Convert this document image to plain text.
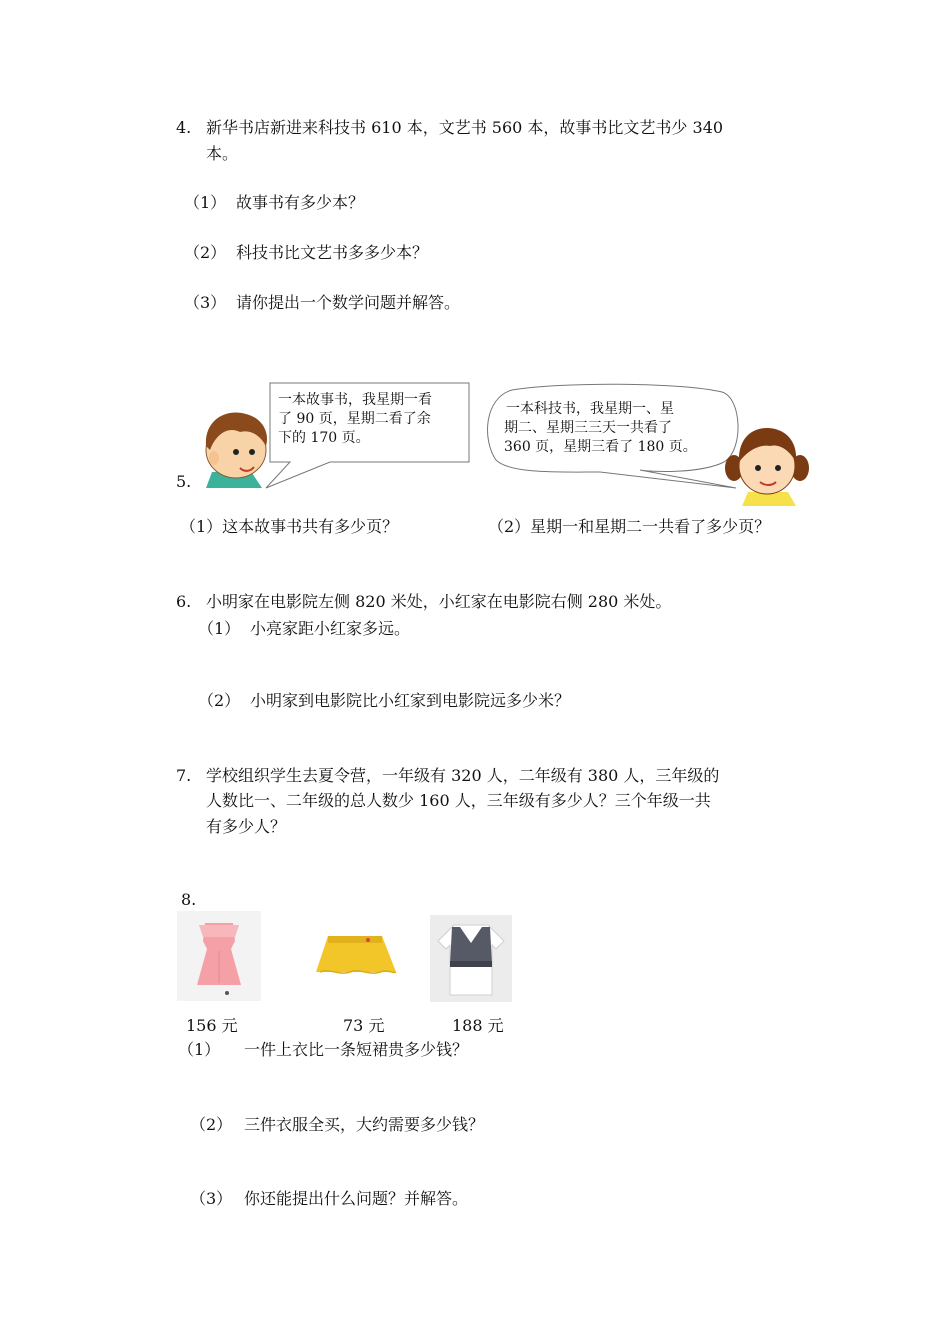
4. 新华书店新进来科技书 610 本，文艺书 560 本，故事书比文艺书少 340
本。
（1） 故事书有多少本？
（2） 科技书比文艺书多多少本？
（3） 请你提出一个数学问题并解答。
一本故事书，我星期一看
了 90 页，星期二看了余
下的 170 页。
一本科技书，我星期一、星
期二、星期三三天一共看了
360 页，星期三看了 180 页。
5.
（1）这本故事书共有多少页？	（2）星期一和星期二一共看了多少页？
6. 小明家在电影院左侧 820 米处，小红家在电影院右侧 280 米处。
（1） 小亮家距小红家多远。
（2） 小明家到电影院比小红家到电影院远多少米？
7. 学校组织学生去夏令营，一年级有 320 人，二年级有 380 人，三年级的
人数比一、二年级的总人数少 160 人，三年级有多少人？三个年级一共
有多少人？
8.
156 元	73 元	188 元
（1） 一件上衣比一条短裙贵多少钱？
（2） 三件衣服全买，大约需要多少钱？
（3） 你还能提出什么问题？并解答。
